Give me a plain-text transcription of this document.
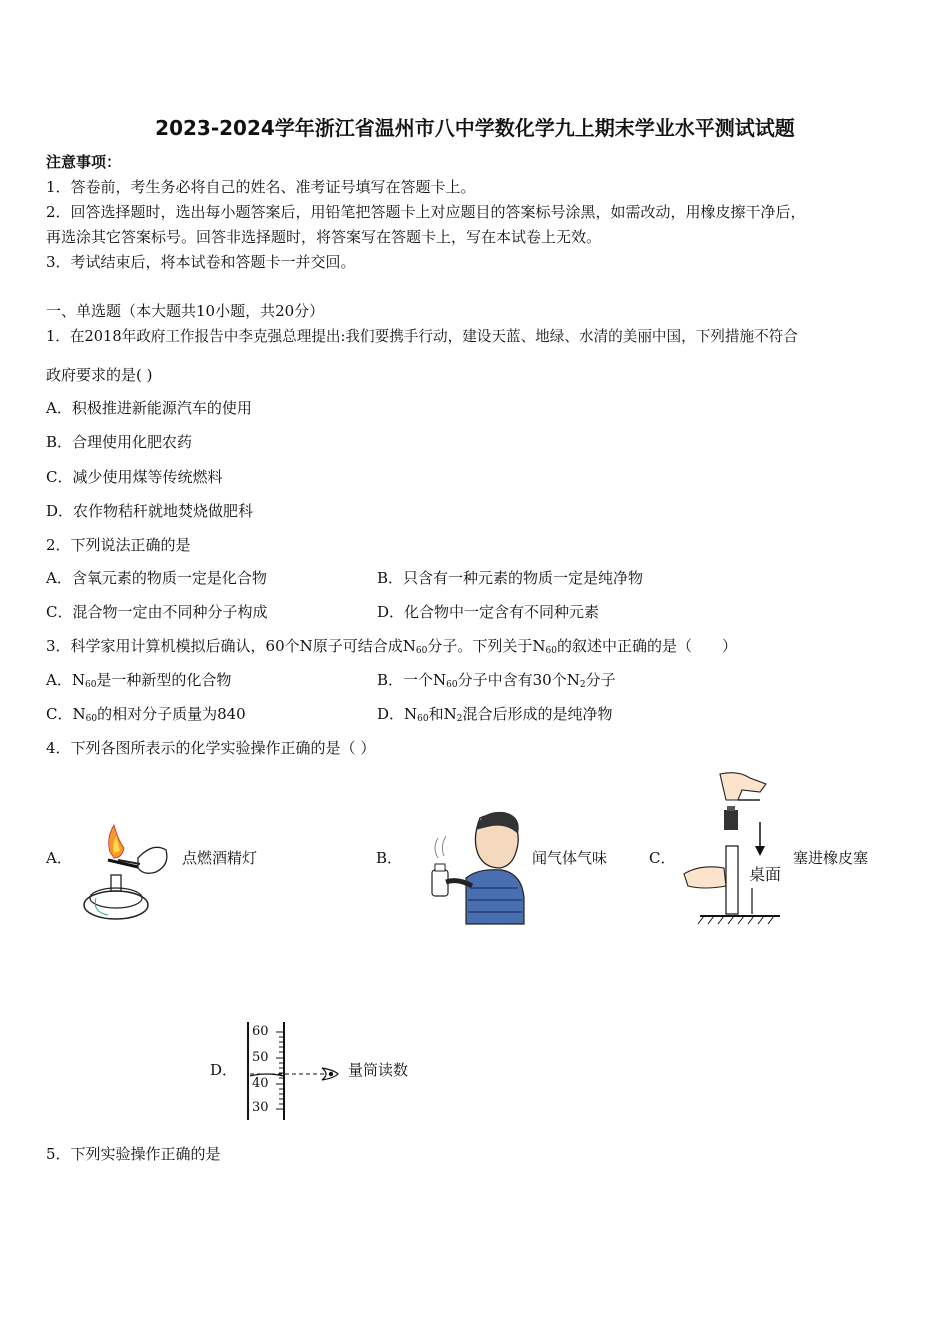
2023-2024学年浙江省温州市八中学数化学九上期末学业水平测试试题
注意事项：
1．答卷前，考生务必将自己的姓名、准考证号填写在答题卡上。
2．回答选择题时，选出每小题答案后，用铅笔把答题卡上对应题目的答案标号涂黑，如需改动，用橡皮擦干净后，
再选涂其它答案标号。回答非选择题时，将答案写在答题卡上，写在本试卷上无效。
3．考试结束后，将本试卷和答题卡一并交回。
一、单选题（本大题共10小题，共20分）
1．在2018年政府工作报告中李克强总理提出:我们要携手行动，建设天蓝、地绿、水清的美丽中国，下列措施不符合
政府要求的是( )
A．积极推进新能源汽车的使用
B．合理使用化肥农药
C．减少使用煤等传统燃料
D．农作物秸秆就地焚烧做肥科
2．下列说法正确的是
A．含氧元素的物质一定是化合物	B．只含有一种元素的物质一定是纯净物
C．混合物一定由不同种分子构成	D．化合物中一定含有不同种元素
3．科学家用计算机模拟后确认，60个N原子可结合成$N_{60}$分子。下列关于$N_{60}$的叙述中正确的是（　　）
A．$N_{60}$是一种新型的化合物	B．一个$N_{60}$分子中含有30个$N_2$分子
C．$N_{60}$的相对分子质量为840	D．$N_{60}$和$N_2$混合后形成的是纯净物
4．下列各图所表示的化学实验操作正确的是（ ）
A．	点燃酒精灯	B．	闻气体气味	C．
桌面
塞进橡皮塞
D．
60
50
40
30
量筒读数
5．下列实验操作正确的是
